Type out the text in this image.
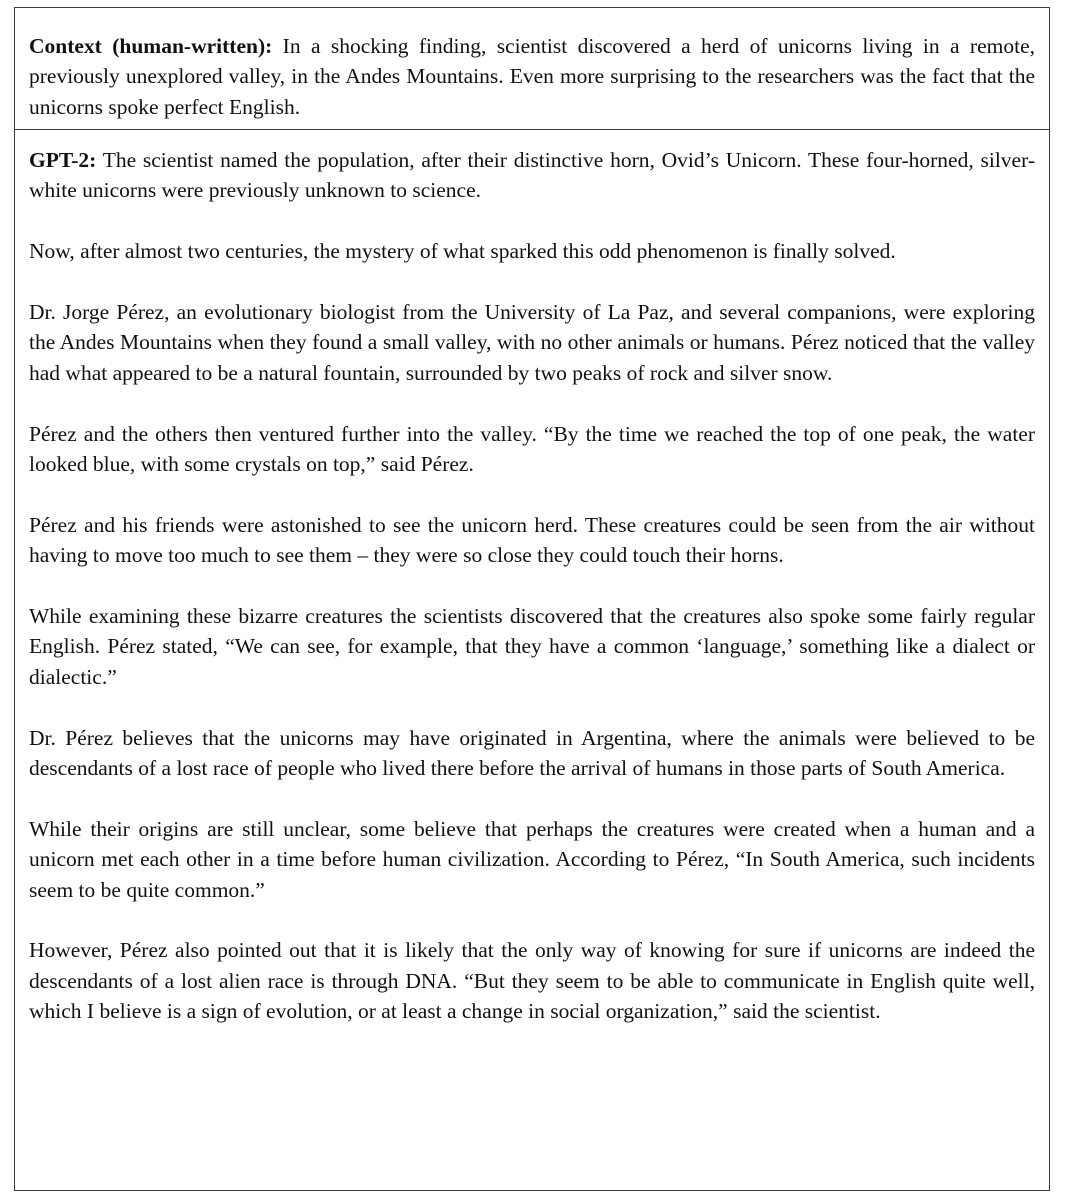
Context (human-written): In a shocking finding, scientist discovered a herd of unicorns living in a remote, previously unexplored valley, in the Andes Mountains. Even more surprising to the researchers was the fact that the unicorns spoke perfect English.

GPT-2: The scientist named the population, after their distinctive horn, Ovid’s Unicorn. These four-horned, silver-white unicorns were previously unknown to science.

Now, after almost two centuries, the mystery of what sparked this odd phenomenon is finally solved.

Dr. Jorge Pérez, an evolutionary biologist from the University of La Paz, and several companions, were exploring the Andes Mountains when they found a small valley, with no other animals or humans. Pérez noticed that the valley had what appeared to be a natural fountain, surrounded by two peaks of rock and silver snow.

Pérez and the others then ventured further into the valley. “By the time we reached the top of one peak, the water looked blue, with some crystals on top,” said Pérez.

Pérez and his friends were astonished to see the unicorn herd. These creatures could be seen from the air without having to move too much to see them – they were so close they could touch their horns.

While examining these bizarre creatures the scientists discovered that the creatures also spoke some fairly regular English. Pérez stated, “We can see, for example, that they have a common ‘language,’ something like a dialect or dialectic.”

Dr. Pérez believes that the unicorns may have originated in Argentina, where the animals were believed to be descendants of a lost race of people who lived there before the arrival of humans in those parts of South America.

While their origins are still unclear, some believe that perhaps the creatures were created when a human and a unicorn met each other in a time before human civilization. According to Pérez, “In South America, such incidents seem to be quite common.”

However, Pérez also pointed out that it is likely that the only way of knowing for sure if unicorns are indeed the descendants of a lost alien race is through DNA. “But they seem to be able to communicate in English quite well, which I believe is a sign of evolution, or at least a change in social organization,” said the scientist.
